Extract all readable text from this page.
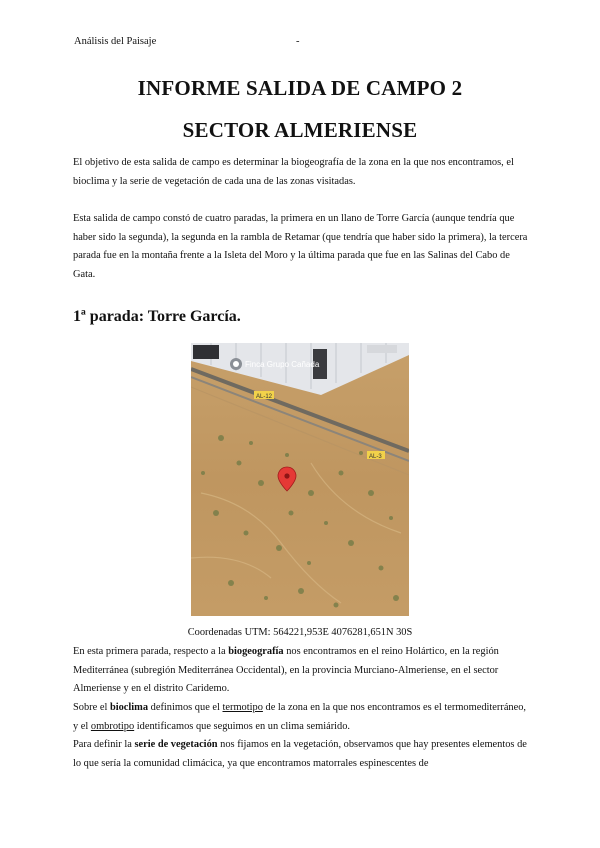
Análisis del Paisaje	-
INFORME SALIDA DE CAMPO 2
SECTOR ALMERIENSE

El objetivo de esta salida de campo es determinar la biogeografía de la zona en la que nos encontramos, el bioclima y la serie de vegetación de cada una de las zonas visitadas.

Esta salida de campo constó de cuatro paradas, la primera en un llano de Torre García (aunque tendría que haber sido la segunda), la segunda en la rambla de Retamar (que tendría que haber sido la primera), la tercera parada fue en la montaña frente a la Isleta del Moro y la última parada que fue en las Salinas del Cabo de Gata.

1ª parada: Torre García.
Finca Grupo Cañada
AL-12
AL-3
Coordenadas UTM: 564221,953E 4076281,651N 30S

En esta primera parada, respecto a la biogeografía nos encontramos en el reino Holártico, en la región Mediterránea (subregión Mediterránea Occidental), en la provincia Murciano-Almeriense, en el sector Almeriense y en el distrito Caridemo.

Sobre el bioclima definimos que el termotipo de la zona en la que nos encontramos es el termomediterráneo, y el ombrotipo identificamos que seguimos en un clima semiárido.

Para definir la serie de vegetación nos fijamos en la vegetación, observamos que hay presentes elementos de lo que sería la comunidad climácica, ya que encontramos matorrales espinescentes de
